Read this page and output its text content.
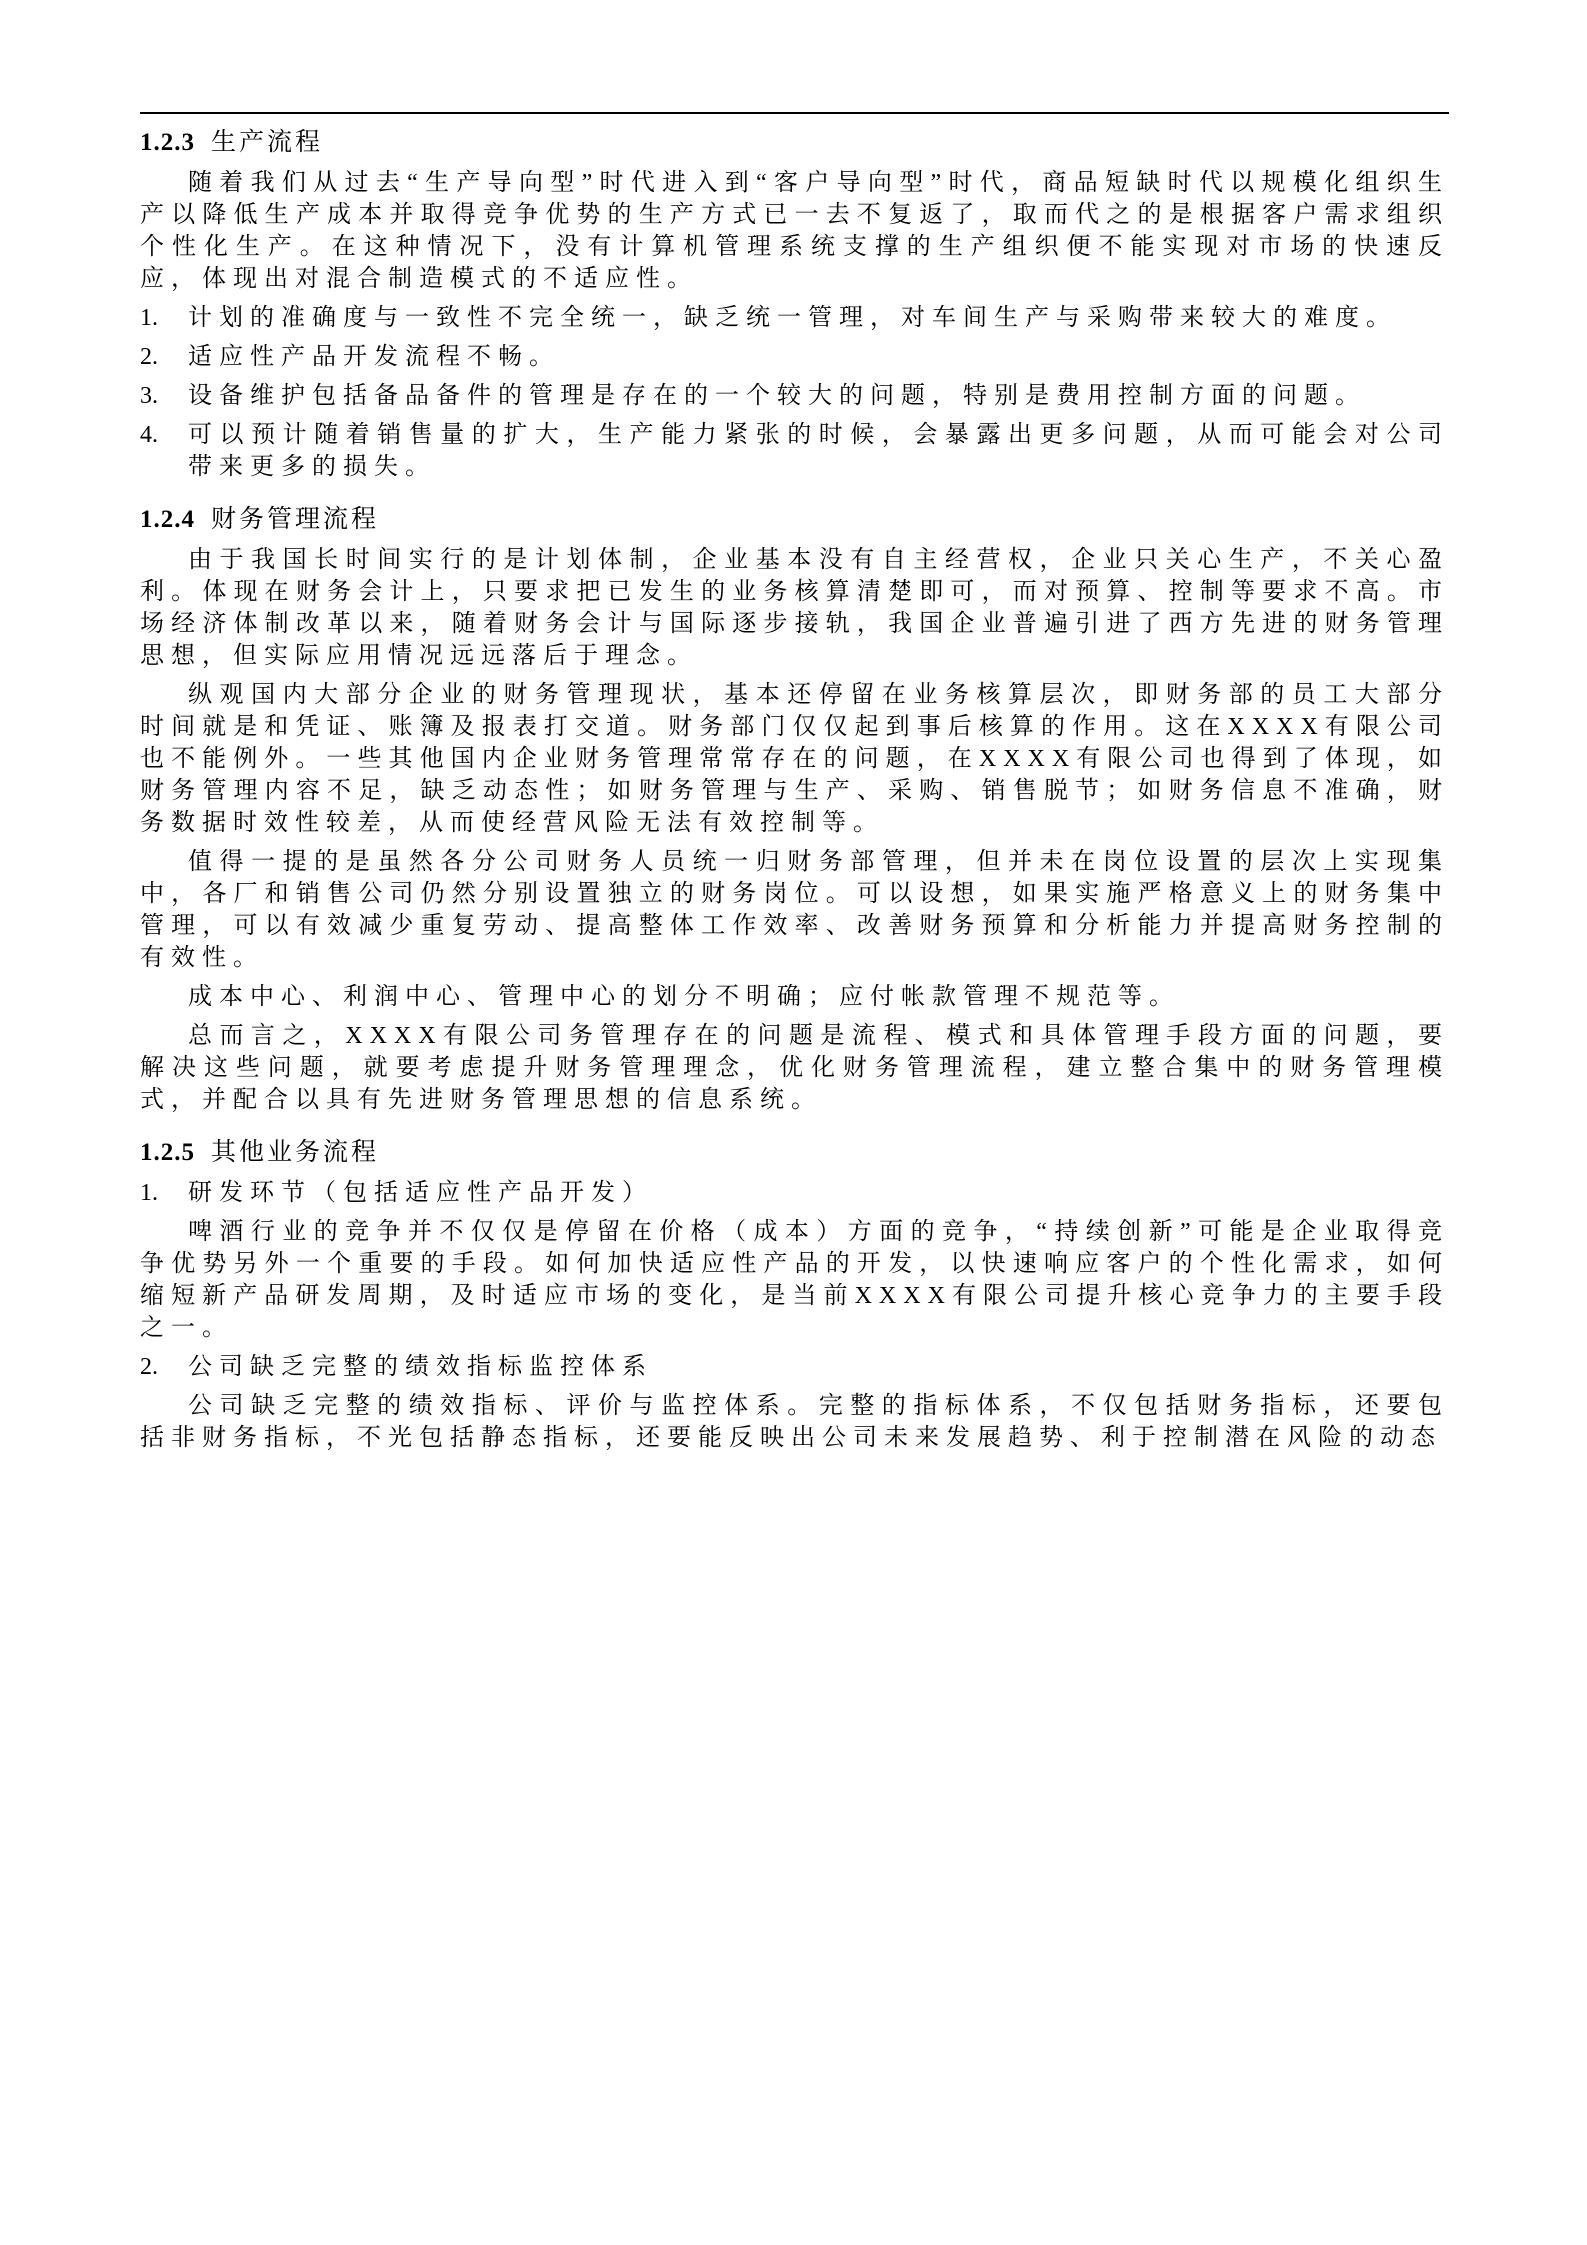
1.2.3 生产流程

随着我们从过去“生产导向型”时代进入到“客户导向型”时代，商品短缺时代以规模化组织生产以降低生产成本并取得竞争优势的生产方式已一去不复返了，取而代之的是根据客户需求组织个性化生产。在这种情况下，没有计算机管理系统支撑的生产组织便不能实现对市场的快速反应，体现出对混合制造模式的不适应性。

1.	计划的准确度与一致性不完全统一，缺乏统一管理，对车间生产与采购带来较大的难度。
2.	适应性产品开发流程不畅。
3.	设备维护包括备品备件的管理是存在的一个较大的问题，特别是费用控制方面的问题。
4.	可以预计随着销售量的扩大，生产能力紧张的时候，会暴露出更多问题，从而可能会对公司带来更多的损失。
1.2.4 财务管理流程

由于我国长时间实行的是计划体制，企业基本没有自主经营权，企业只关心生产，不关心盈利。体现在财务会计上，只要求把已发生的业务核算清楚即可，而对预算、控制等要求不高。市场经济体制改革以来，随着财务会计与国际逐步接轨，我国企业普遍引进了西方先进的财务管理思想，但实际应用情况远远落后于理念。

纵观国内大部分企业的财务管理现状，基本还停留在业务核算层次，即财务部的员工大部分时间就是和凭证、账簿及报表打交道。财务部门仅仅起到事后核算的作用。这在XXXX有限公司也不能例外。一些其他国内企业财务管理常常存在的问题，在XXXX有限公司也得到了体现，如财务管理内容不足，缺乏动态性；如财务管理与生产、采购、销售脱节；如财务信息不准确，财务数据时效性较差，从而使经营风险无法有效控制等。

值得一提的是虽然各分公司财务人员统一归财务部管理，但并未在岗位设置的层次上实现集中，各厂和销售公司仍然分别设置独立的财务岗位。可以设想，如果实施严格意义上的财务集中管理，可以有效减少重复劳动、提高整体工作效率、改善财务预算和分析能力并提高财务控制的有效性。

成本中心、利润中心、管理中心的划分不明确；应付帐款管理不规范等。

总而言之，XXXX有限公司务管理存在的问题是流程、模式和具体管理手段方面的问题，要解决这些问题，就要考虑提升财务管理理念，优化财务管理流程，建立整合集中的财务管理模式，并配合以具有先进财务管理思想的信息系统。

1.2.5 其他业务流程
1.	研发环节（包括适应性产品开发）

啤酒行业的竞争并不仅仅是停留在价格（成本）方面的竞争，“持续创新”可能是企业取得竞争优势另外一个重要的手段。如何加快适应性产品的开发，以快速响应客户的个性化需求，如何缩短新产品研发周期，及时适应市场的变化，是当前XXXX有限公司提升核心竞争力的主要手段之一。

2.	公司缺乏完整的绩效指标监控体系

公司缺乏完整的绩效指标、评价与监控体系。完整的指标体系，不仅包括财务指标，还要包括非财务指标，不光包括静态指标，还要能反映出公司未来发展趋势、利于控制潜在风险的动态
